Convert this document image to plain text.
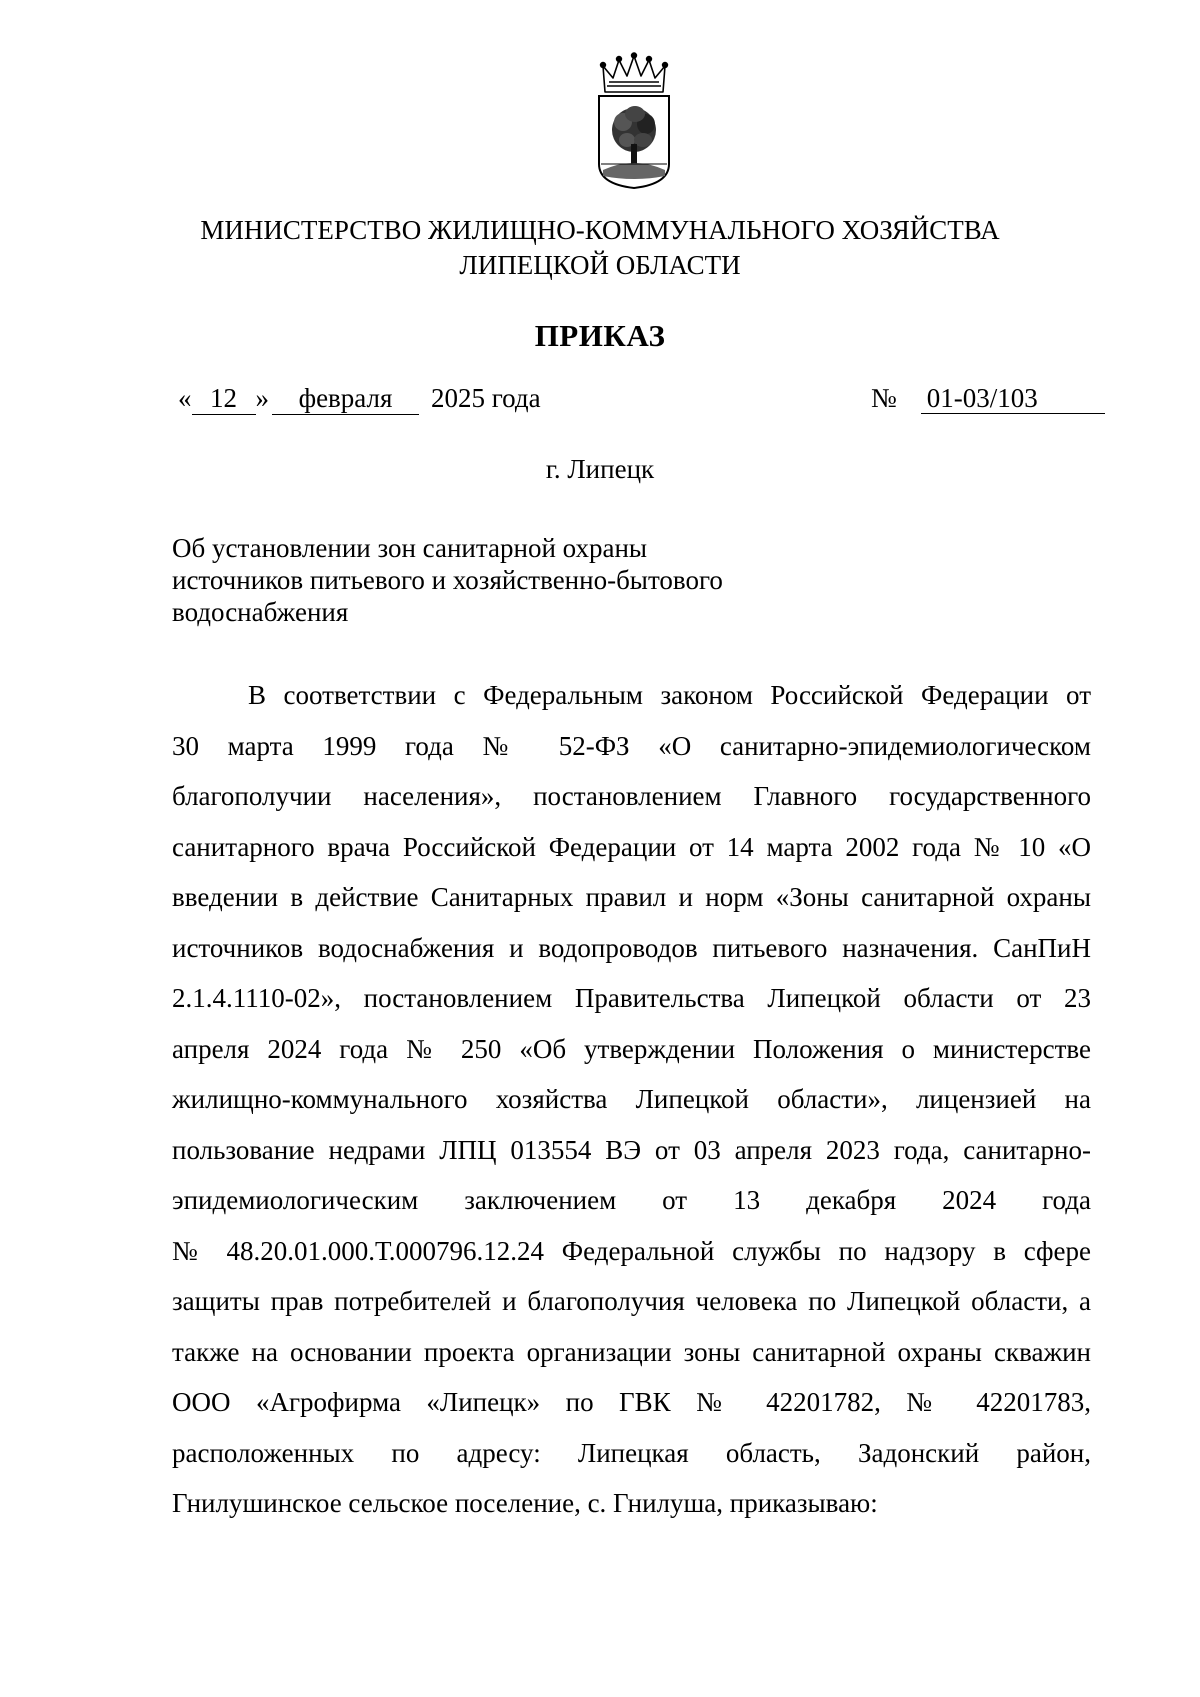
МИНИСТЕРСТВО ЖИЛИЩНО-КОММУНАЛЬНОГО ХОЗЯЙСТВА
ЛИПЕЦКОЙ ОБЛАСТИ
ПРИКАЗ
« 12 » февраля 2025 года	№ 01-03/103
г. Липецк
Об установлении зон санитарной охраны
источников питьевого и хозяйственно-бытового
водоснабжения
В соответствии с Федеральным законом Российской Федерации от
30 марта 1999 года № 52-ФЗ «О санитарно-эпидемиологическом
благополучии населения», постановлением Главного государственного
санитарного врача Российской Федерации от 14 марта 2002 года № 10 «О
введении в действие Санитарных правил и норм «Зоны санитарной охраны
источников водоснабжения и водопроводов питьевого назначения. СанПиН
2.1.4.1110-02», постановлением Правительства Липецкой области от 23
апреля 2024 года № 250 «Об утверждении Положения о министерстве
жилищно-коммунального хозяйства Липецкой области», лицензией на
пользование недрами ЛПЦ 013554 ВЭ от 03 апреля 2023 года, санитарно-
эпидемиологическим заключением от 13 декабря 2024 года
№ 48.20.01.000.Т.000796.12.24 Федеральной службы по надзору в сфере
защиты прав потребителей и благополучия человека по Липецкой области, а
также на основании проекта организации зоны санитарной охраны скважин
ООО «Агрофирма «Липецк» по ГВК № 42201782, № 42201783,
расположенных по адресу: Липецкая область, Задонский район,
Гнилушинское сельское поселение, с. Гнилуша, приказываю:
